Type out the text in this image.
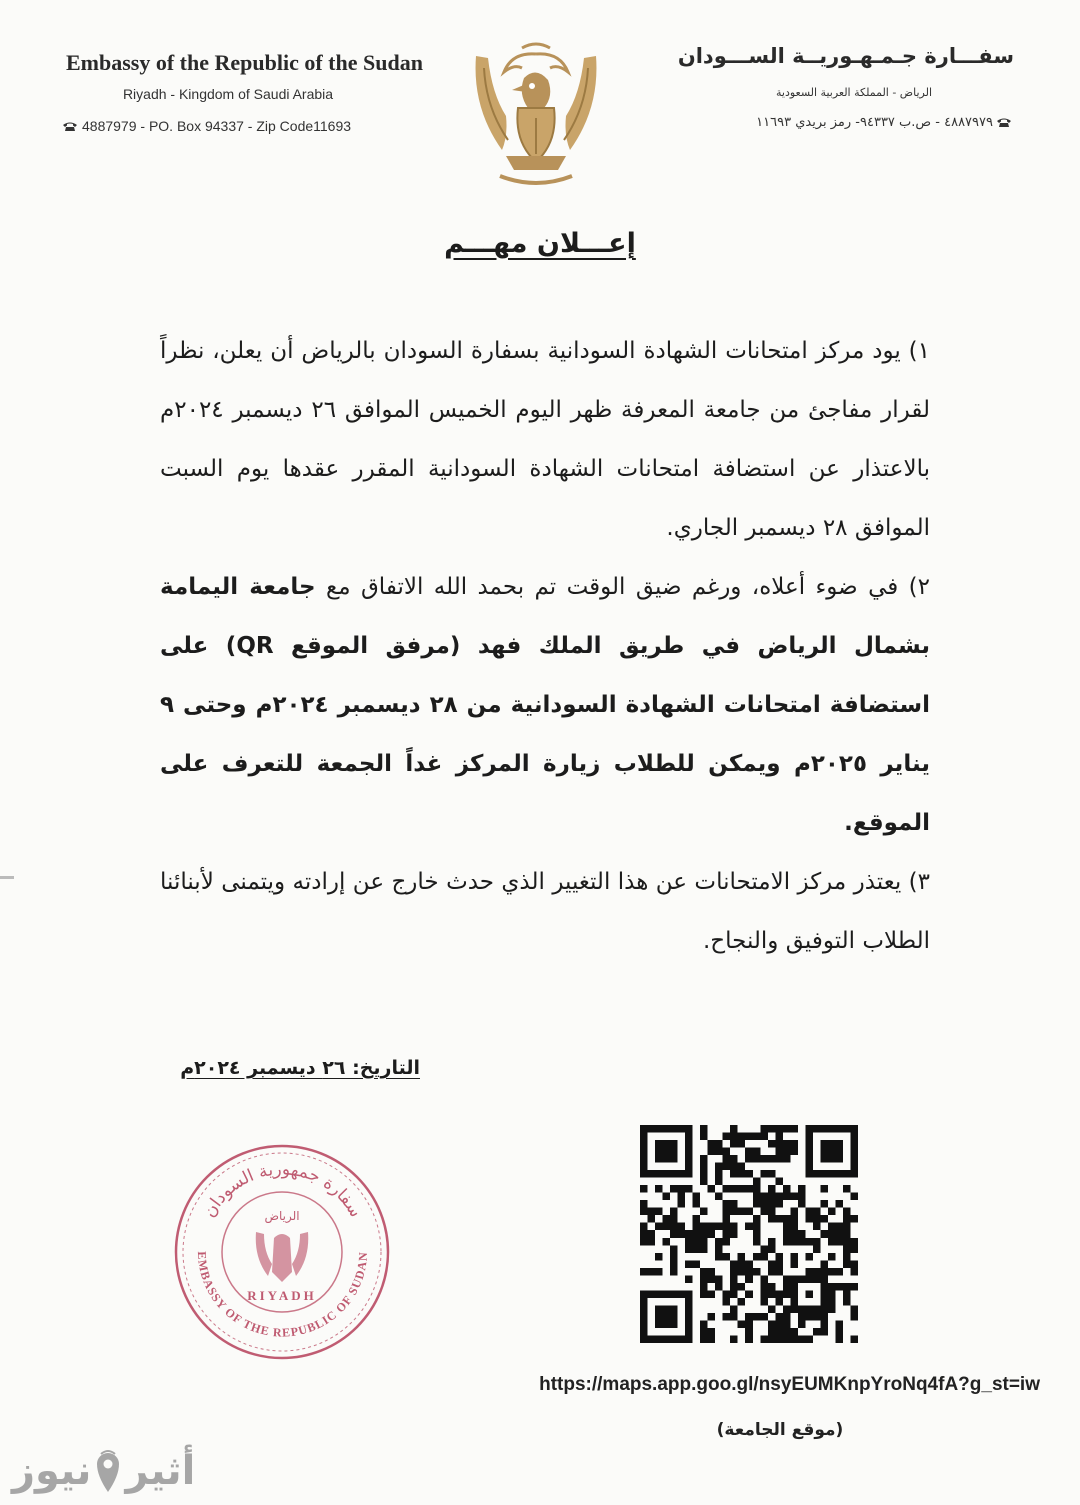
Embassy of the Republic of the Sudan
Riyadh - Kingdom of Saudi Arabia
4887979 - PO. Box 94337 - Zip Code11693
سفـــارة جـمـهـوريــة الســـودان
الرياض - المملكة العربية السعودية
٤٨٨٧٩٧٩ - ص.ب ٩٤٣٣٧- رمز بريدي ١١٦٩٣
إعـــلان مهـــم

١) يود مركز امتحانات الشهادة السودانية بسفارة السودان بالرياض أن يعلن، نظراً لقرار مفاجئ من جامعة المعرفة ظهر اليوم الخميس الموافق ٢٦ ديسمبر ٢٠٢٤م بالاعتذار عن استضافة امتحانات الشهادة السودانية المقرر عقدها يوم السبت الموافق ٢٨ ديسمبر الجاري.

٢) في ضوء أعلاه، ورغم ضيق الوقت تم بحمد الله الاتفاق مع جامعة اليمامة بشمال الرياض في طريق الملك فهد (مرفق الموقع QR) على استضافة امتحانات الشهادة السودانية من ٢٨ ديسمبر ٢٠٢٤م وحتى ٩ يناير ٢٠٢٥م ويمكن للطلاب زيارة المركز غداً الجمعة للتعرف على الموقع.

٣) يعتذر مركز الامتحانات عن هذا التغيير الذي حدث خارج عن إرادته ويتمنى لأبنائنا الطلاب التوفيق والنجاح.

التاريخ: ٢٦ ديسمبر ٢٠٢٤م
سفارة جمهورية السودان
EMBASSY OF THE REPUBLIC OF SUDAN
الرياض
RIYADH
https://maps.app.goo.gl/nsyEUMKnpYroNq4fA?g_st=iw
(موقع الجامعة)
أثير
نيوز
